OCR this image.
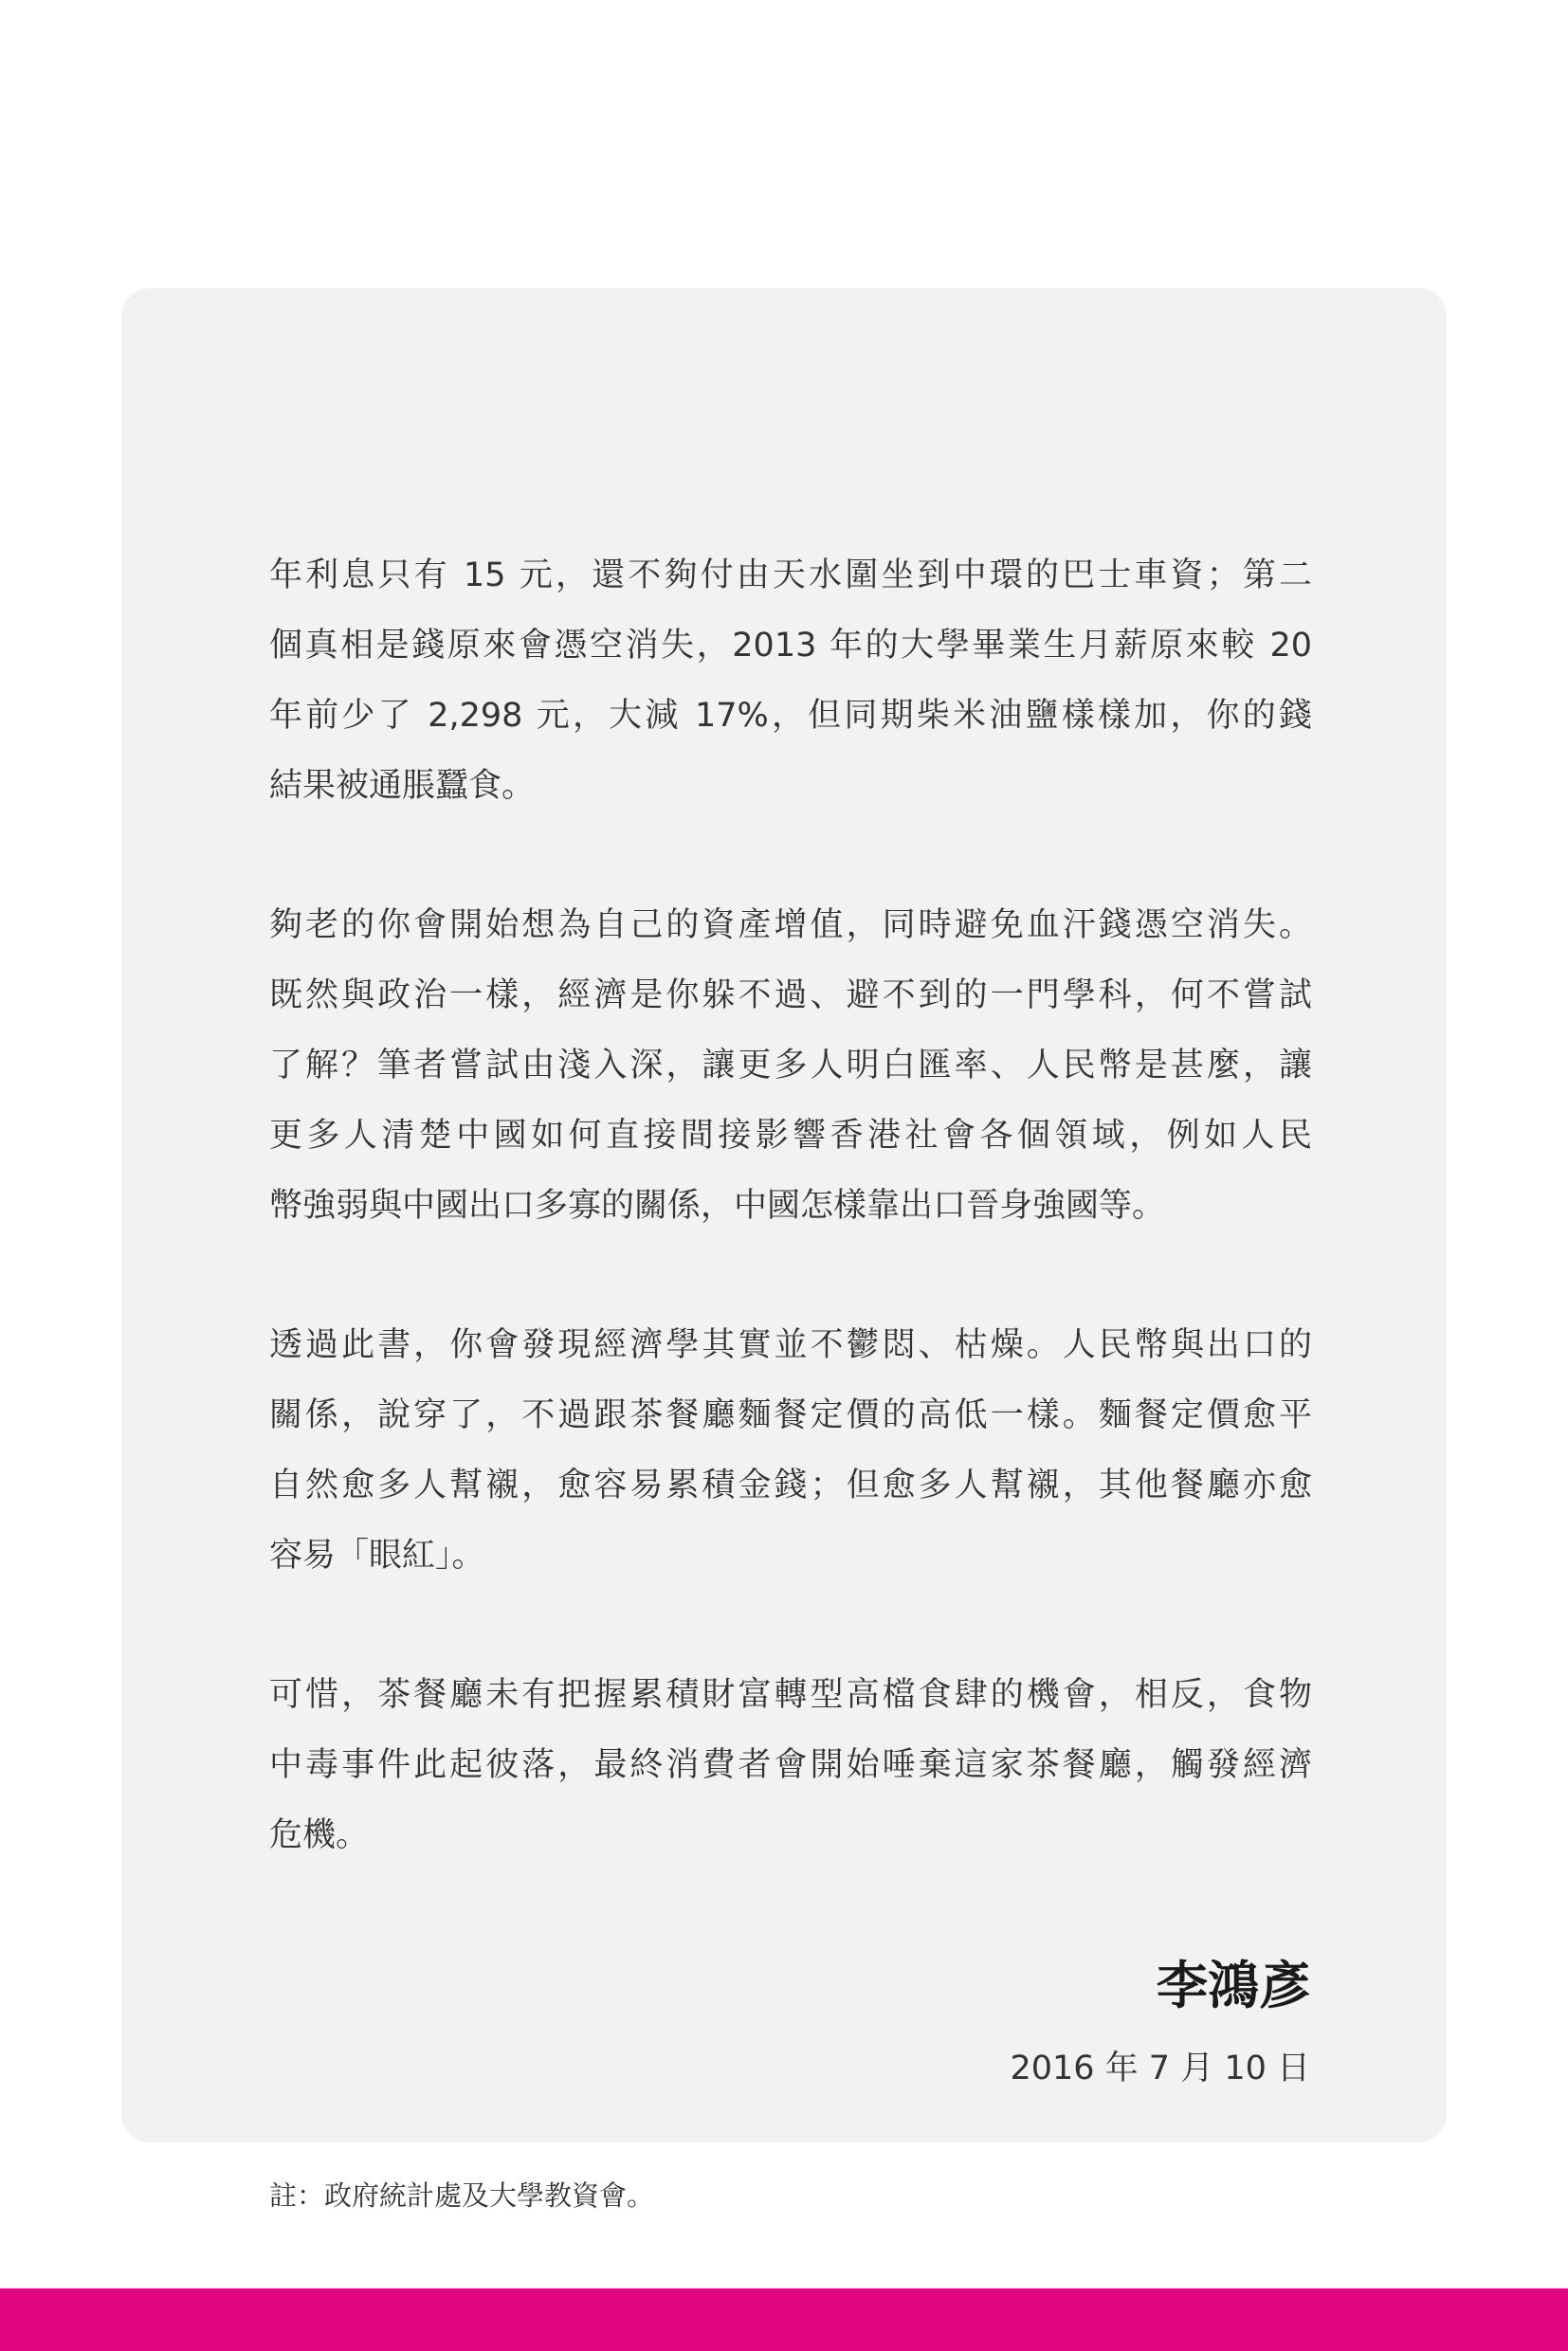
年利息只有 15 元，還不夠付由天水圍坐到中環的巴士車資；第二
個真相是錢原來會憑空消失，2013 年的大學畢業生月薪原來較 20
年前少了 2,298 元，大減 17%，但同期柴米油鹽樣樣加，你的錢
結果被通脹蠶食。

夠老的你會開始想為自己的資產增值，同時避免血汗錢憑空消失。
既然與政治一樣，經濟是你躲不過、避不到的一門學科，何不嘗試
了解？筆者嘗試由淺入深，讓更多人明白匯率、人民幣是甚麼，讓
更多人清楚中國如何直接間接影響香港社會各個領域，例如人民
幣強弱與中國出口多寡的關係，中國怎樣靠出口晉身強國等。

透過此書，你會發現經濟學其實並不鬱悶、枯燥。人民幣與出口的
關係，說穿了，不過跟茶餐廳麵餐定價的高低一樣。麵餐定價愈平
自然愈多人幫襯，愈容易累積金錢；但愈多人幫襯，其他餐廳亦愈
容易「眼紅」。

可惜，茶餐廳未有把握累積財富轉型高檔食肆的機會，相反，食物
中毒事件此起彼落，最終消費者會開始唾棄這家茶餐廳，觸發經濟
危機。

李鴻彥
2016 年 7 月 10 日
註：政府統計處及大學教資會。
